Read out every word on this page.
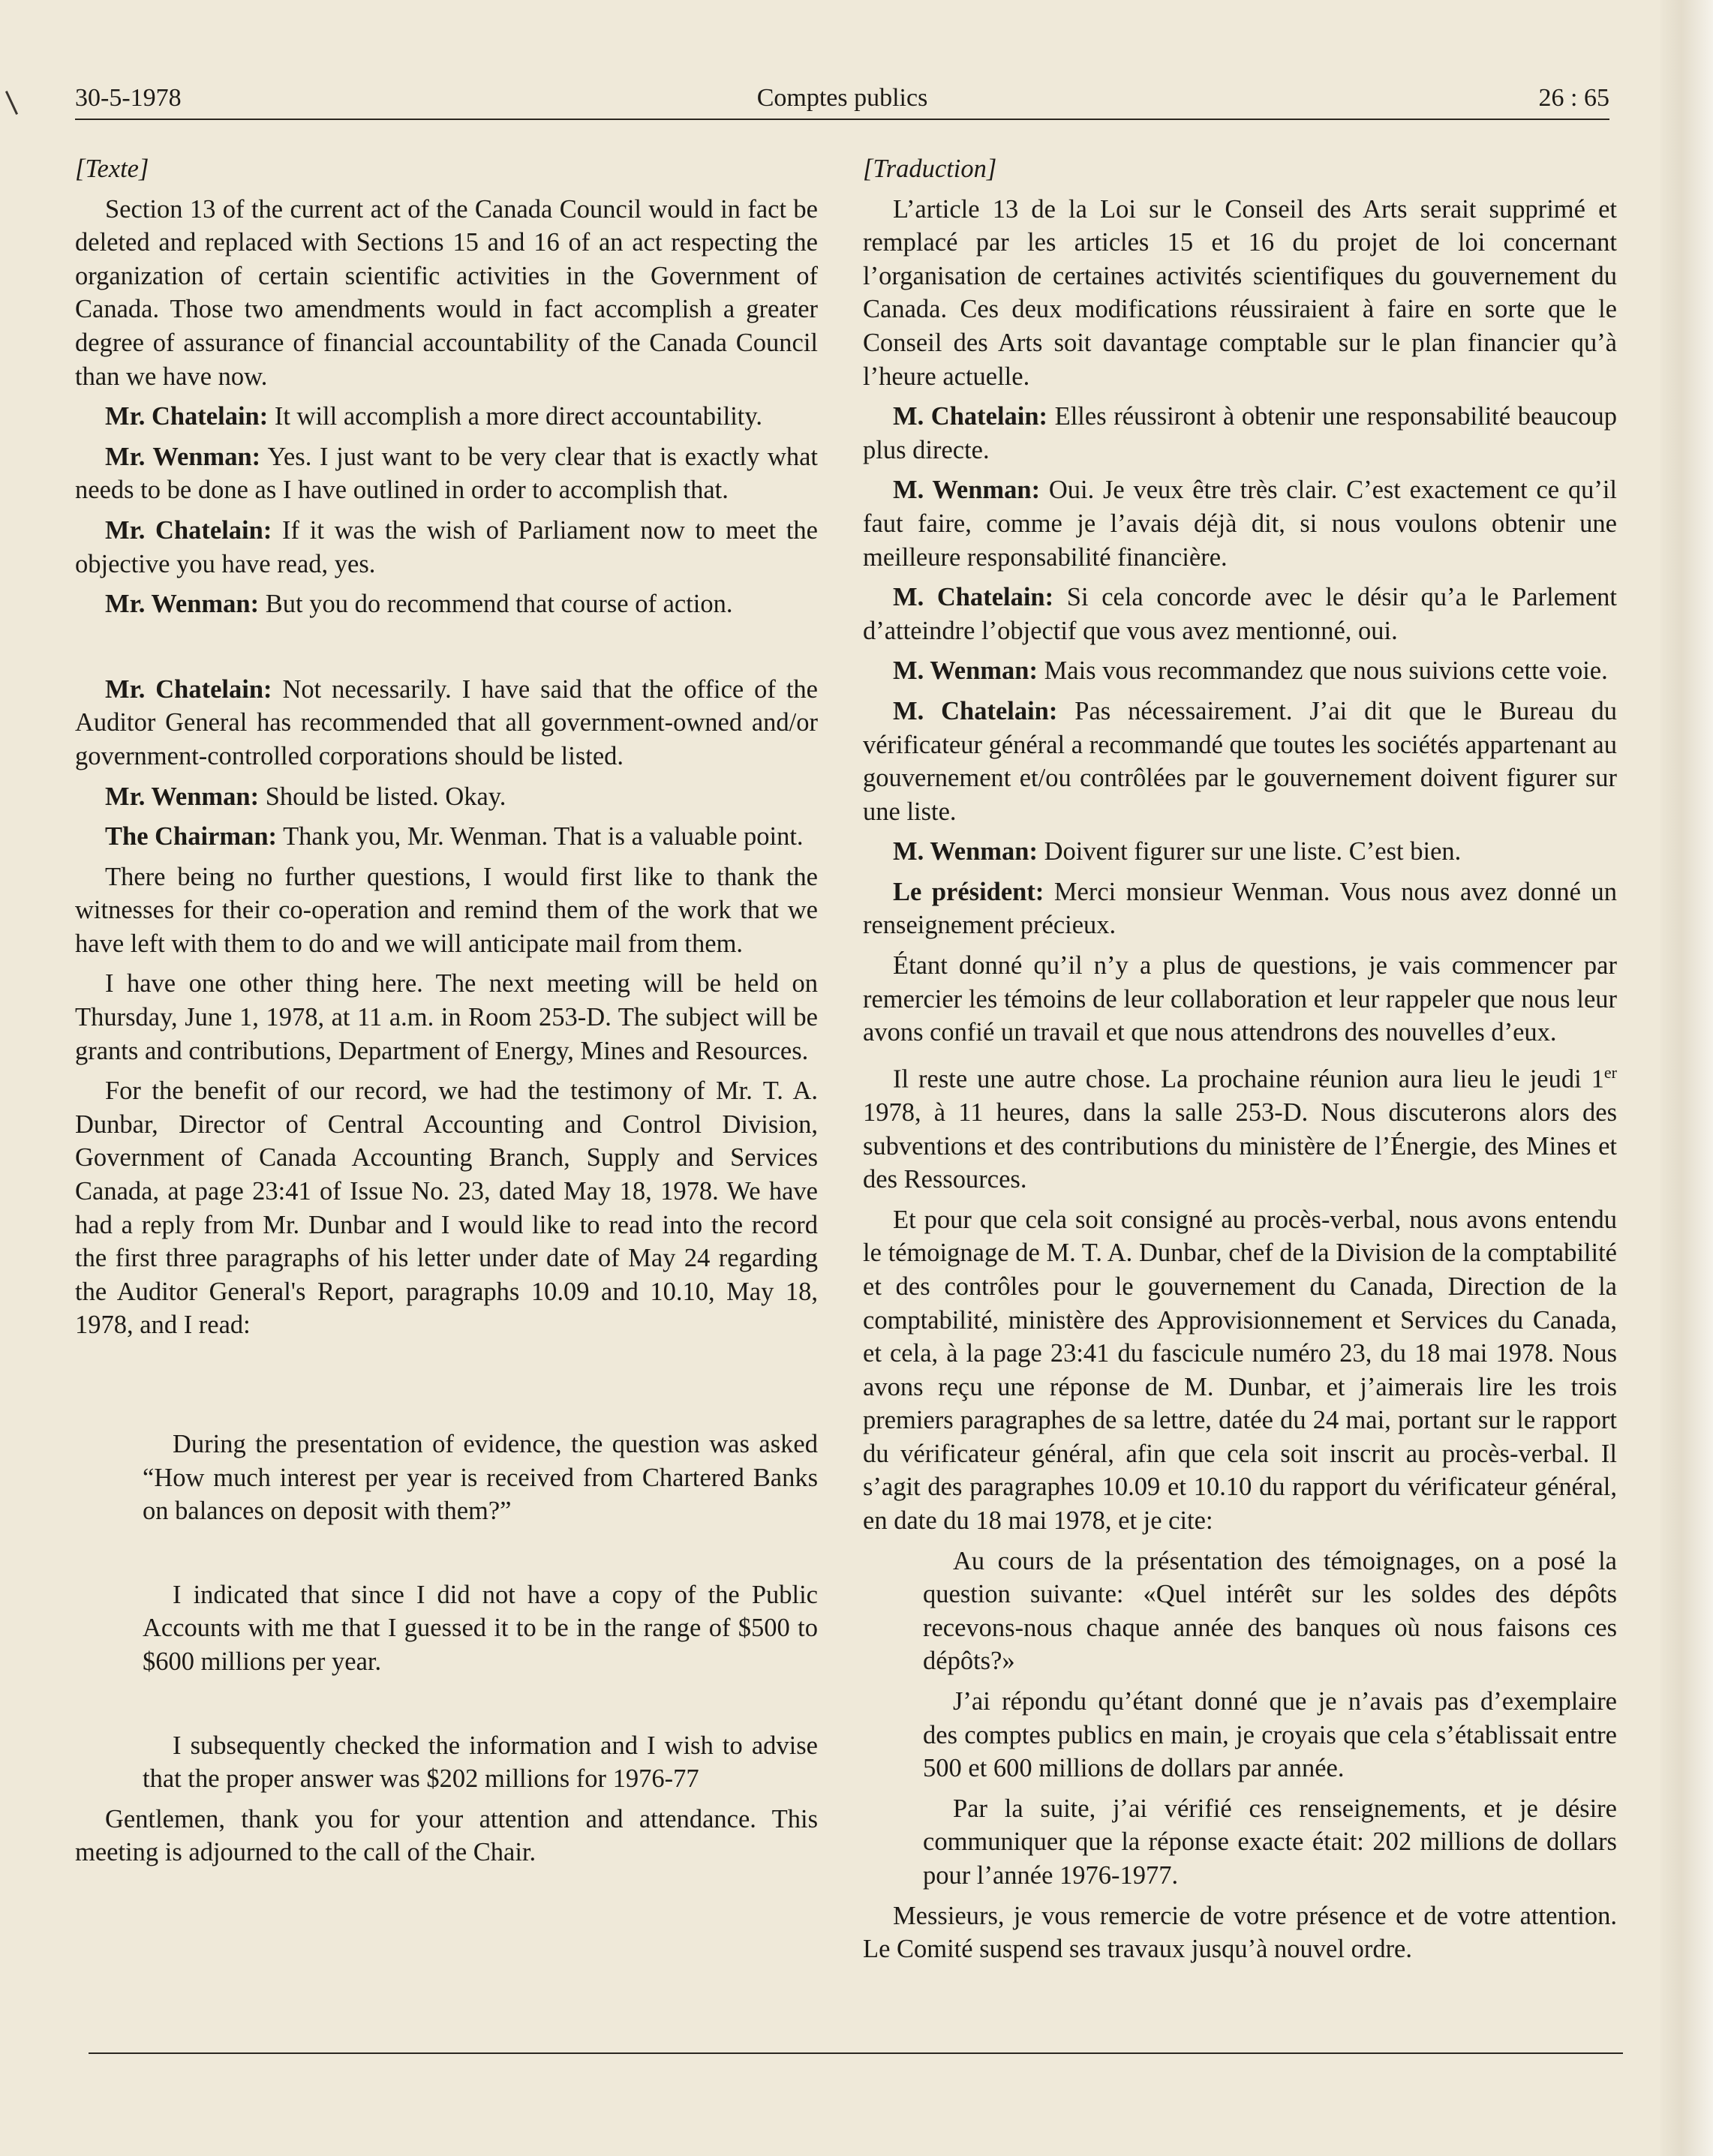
30-5-1978	Comptes publics	26 : 65

[Texte]

Section 13 of the current act of the Canada Council would in fact be deleted and replaced with Sections 15 and 16 of an act respecting the organization of certain scientific activities in the Government of Canada. Those two amendments would in fact accomplish a greater degree of assurance of financial accountability of the Canada Council than we have now.

Mr. Chatelain: It will accomplish a more direct accountability.

Mr. Wenman: Yes. I just want to be very clear that is exactly what needs to be done as I have outlined in order to accomplish that.

Mr. Chatelain: If it was the wish of Parliament now to meet the objective you have read, yes.

Mr. Wenman: But you do recommend that course of action.

Mr. Chatelain: Not necessarily. I have said that the office of the Auditor General has recommended that all government-owned and/or government-controlled corporations should be listed.

Mr. Wenman: Should be listed. Okay.

The Chairman: Thank you, Mr. Wenman. That is a valuable point.

There being no further questions, I would first like to thank the witnesses for their co-operation and remind them of the work that we have left with them to do and we will anticipate mail from them.

I have one other thing here. The next meeting will be held on Thursday, June 1, 1978, at 11 a.m. in Room 253-D. The subject will be grants and contributions, Department of Energy, Mines and Resources.

For the benefit of our record, we had the testimony of Mr. T. A. Dunbar, Director of Central Accounting and Control Division, Government of Canada Accounting Branch, Supply and Services Canada, at page 23:41 of Issue No. 23, dated May 18, 1978. We have had a reply from Mr. Dunbar and I would like to read into the record the first three paragraphs of his letter under date of May 24 regarding the Auditor General's Report, paragraphs 10.09 and 10.10, May 18, 1978, and I read:

During the presentation of evidence, the question was asked “How much interest per year is received from Chartered Banks on balances on deposit with them?”

I indicated that since I did not have a copy of the Public Accounts with me that I guessed it to be in the range of $500 to $600 millions per year.

I subsequently checked the information and I wish to advise that the proper answer was $202 millions for 1976-77

Gentlemen, thank you for your attention and attendance. This meeting is adjourned to the call of the Chair.

[Traduction]

L’article 13 de la Loi sur le Conseil des Arts serait supprimé et remplacé par les articles 15 et 16 du projet de loi concernant l’organisation de certaines activités scientifiques du gouvernement du Canada. Ces deux modifications réussiraient à faire en sorte que le Conseil des Arts soit davantage comptable sur le plan financier qu’à l’heure actuelle.

M. Chatelain: Elles réussiront à obtenir une responsabilité beaucoup plus directe.

M. Wenman: Oui. Je veux être très clair. C’est exactement ce qu’il faut faire, comme je l’avais déjà dit, si nous voulons obtenir une meilleure responsabilité financière.

M. Chatelain: Si cela concorde avec le désir qu’a le Parlement d’atteindre l’objectif que vous avez mentionné, oui.

M. Wenman: Mais vous recommandez que nous suivions cette voie.

M. Chatelain: Pas nécessairement. J’ai dit que le Bureau du vérificateur général a recommandé que toutes les sociétés appartenant au gouvernement et/ou contrôlées par le gouvernement doivent figurer sur une liste.

M. Wenman: Doivent figurer sur une liste. C’est bien.

Le président: Merci monsieur Wenman. Vous nous avez donné un renseignement précieux.

Étant donné qu’il n’y a plus de questions, je vais commencer par remercier les témoins de leur collaboration et leur rappeler que nous leur avons confié un travail et que nous attendrons des nouvelles d’eux.

Il reste une autre chose. La prochaine réunion aura lieu le jeudi 1er 1978, à 11 heures, dans la salle 253-D. Nous discuterons alors des subventions et des contributions du ministère de l’Énergie, des Mines et des Ressources.

Et pour que cela soit consigné au procès-verbal, nous avons entendu le témoignage de M. T. A. Dunbar, chef de la Division de la comptabilité et des contrôles pour le gouvernement du Canada, Direction de la comptabilité, ministère des Approvisionnement et Services du Canada, et cela, à la page 23:41 du fascicule numéro 23, du 18 mai 1978. Nous avons reçu une réponse de M. Dunbar, et j’aimerais lire les trois premiers paragraphes de sa lettre, datée du 24 mai, portant sur le rapport du vérificateur général, afin que cela soit inscrit au procès-verbal. Il s’agit des paragraphes 10.09 et 10.10 du rapport du vérificateur général, en date du 18 mai 1978, et je cite:

Au cours de la présentation des témoignages, on a posé la question suivante: «Quel intérêt sur les soldes des dépôts recevons-nous chaque année des banques où nous faisons ces dépôts?»

J’ai répondu qu’étant donné que je n’avais pas d’exemplaire des comptes publics en main, je croyais que cela s’établissait entre 500 et 600 millions de dollars par année.

Par la suite, j’ai vérifié ces renseignements, et je désire communiquer que la réponse exacte était: 202 millions de dollars pour l’année 1976-1977.

Messieurs, je vous remercie de votre présence et de votre attention. Le Comité suspend ses travaux jusqu’à nouvel ordre.
